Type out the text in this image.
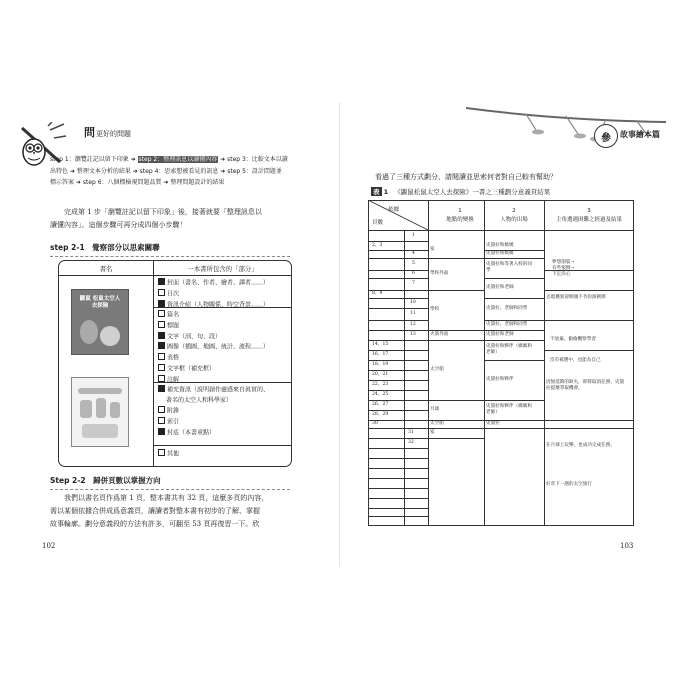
問更好的問題
step 1：瀏覽註記以留下印象 ➜ step 2：整理訊息以讀懂內容 ➜ step 3：比較文本以讀
出特色 ➜ 整理文本分析的結果 ➜ step 4：思索想被看見的訊息 ➜ step 5：設計問題並
標示答案 ➜ step 6：八個標檢視問題品質 ➜ 整理問題設計的結果
完成第 1 步「瀏覽註記以留下印象」後，接著就要「整理訊息以
讀懂內容」。這個步驟可再分成四個小步驟！
step 2-1　覺察部分以思索關聯
書名	一本書所包含的「部分」
鼴鼠 松鼠太空人 去探險
封面（書名、作者、繪者、譯者……）
目次
資訊介紹（人物關係、時空背景……）
篇名
標題
文字（詞、句、段）
圖像（插圖、地圖、統計、流程……）
表格
文字框（補充框）
註解
補充資訊（說明創作靈感來自眞實的、
著名的太空人和科學家）
附錄
索引
封底（本書重點）
其他
Step 2-2　歸併頁數以掌握方向
我們以書名頁作爲第 1 頁，整本書共有 32 頁，這麼多頁的內容，
需以某個依據合併成爲意義頁，讓讀者對整本書有初步的了解、掌握
故事輪廓。劃分意義段的方法有許多，可翻至 53 頁再復習一下。欣
102
參	故事繪本篇
看過了三種方式劃分，請閱讀並思索何者對自己較有幫助？
表 1 《鼴鼠松鼠太空人去探險》一書之三種劃分意義頁結果
依據
頁數
1
地點的變換
2
人物的出場
3
主角遭遇困難之經過及結果
1
2、3
4
5
6
7
8、9
10
11
12
13
14、15
16、17
18、19
20、21
22、23
24、25
26、27
28、29
30
31
32
家
學校外面
學校
火箭外面
太空船
月球
太空船
家
史黛拉和媽媽
史黛拉和媽媽
史黛拉和等著入校的同
學
史黛拉和老師
史黛拉、老師和同學
史黛拉、老師和同學
史黛拉和老師
史黛拉和夥伴（媽媽和
老師）
史黛拉和夥伴
史黛拉和夥伴（媽媽和
老師）
史黛拉
夢想崩裂→
有些悵惘→
下定決心
丟現優異卻側頭不肯扮演韌擇
不放棄，偷偷觀察學習
沒有被選中，也能為自己
因無延期的缺失，即將取消任務，史黛
拉提聚爭取機會。
在月球上玩樂，也成功完成任務。
好奇下一趟的太空旅行
103
